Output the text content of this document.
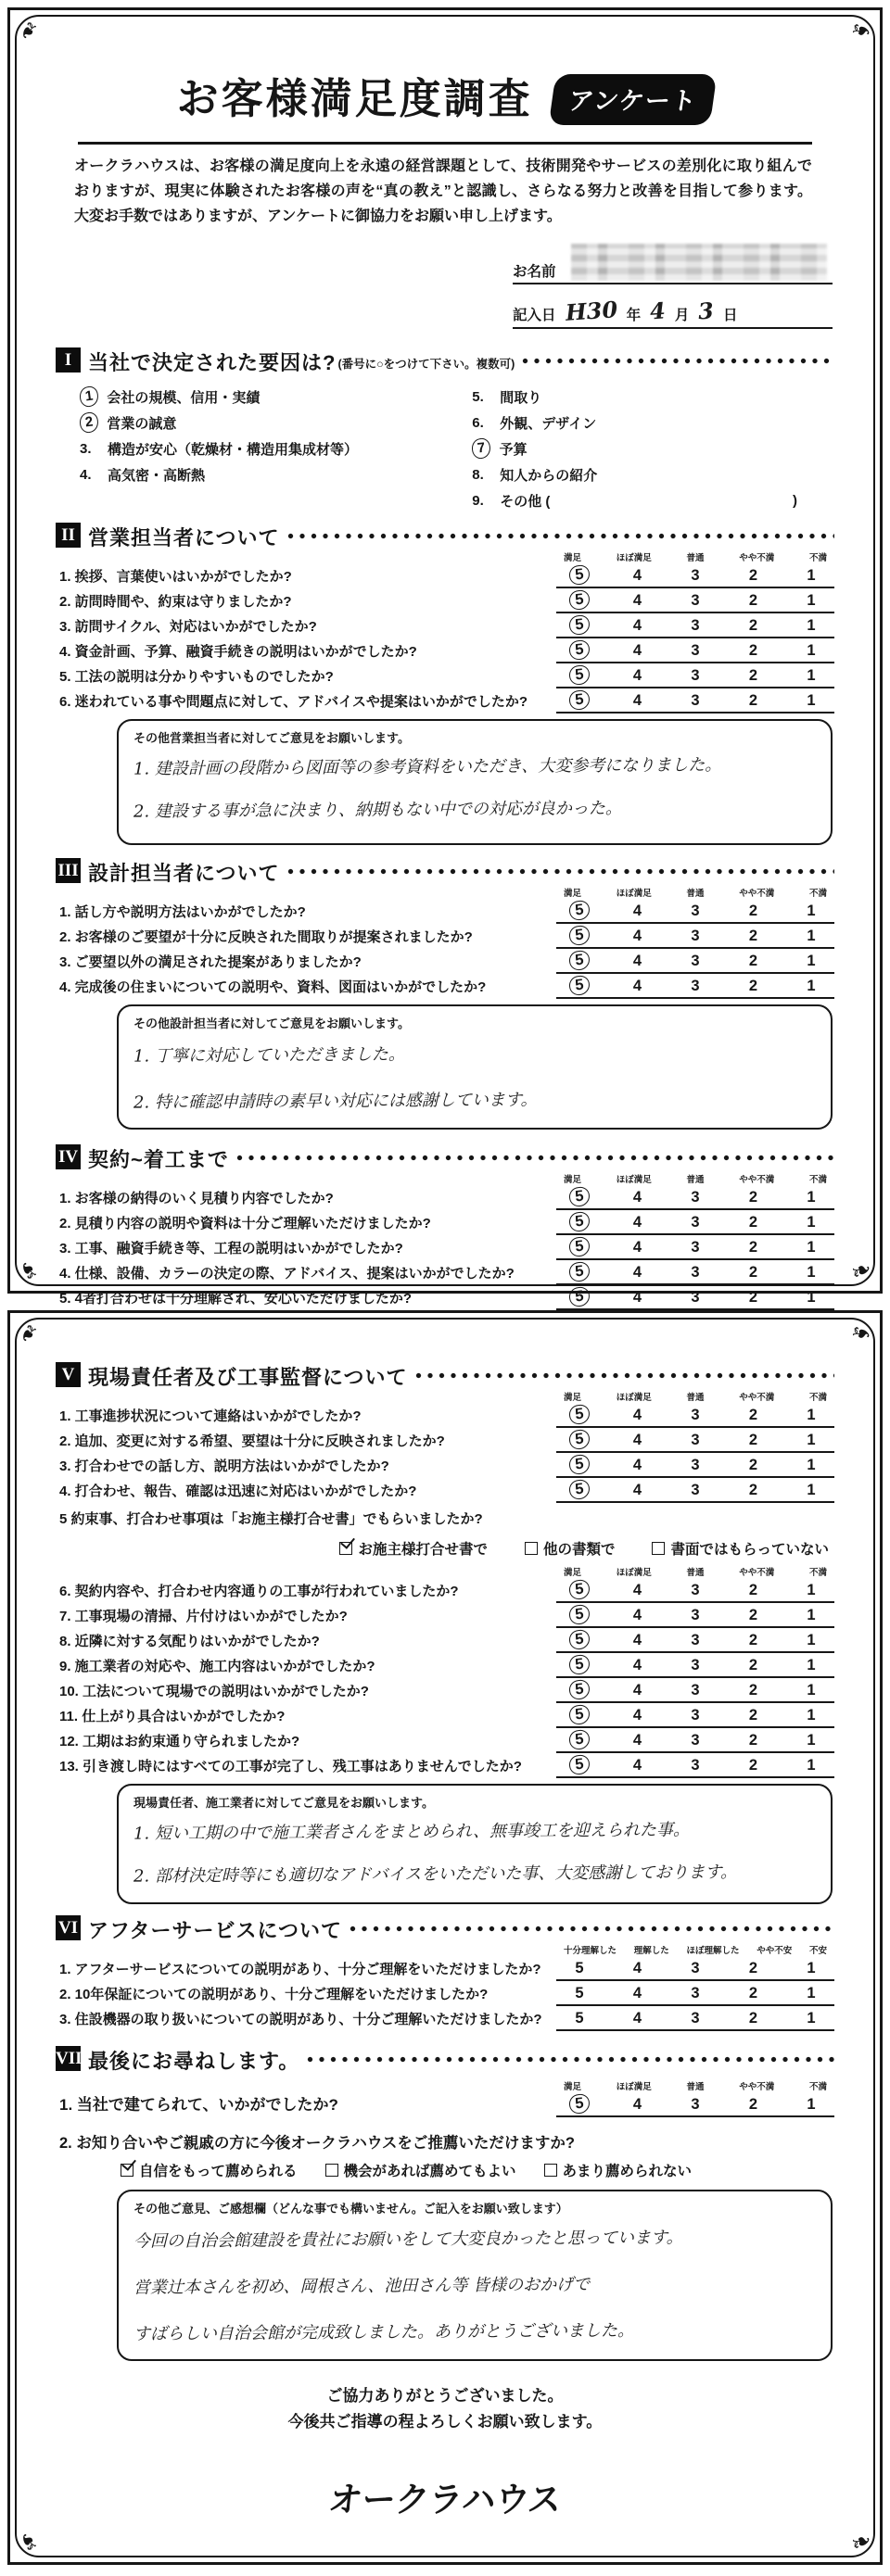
❧	❧
❧	❧
お客様満足度調査 アンケート

オークラハウスは、お客様の満足度向上を永遠の経営課題として、技術開発やサービスの差別化に取り組んでおりますが、現実に体験されたお客様の声を“真の教え”と認識し、さらなる努力と改善を目指して参ります。大変お手数ではありますが、アンケートに御協力をお願い申し上げます。

お名前
記入日 H30 年 4 月 3 日
I 当社で決定された要因は? (番号に○をつけて下さい。複数可)
1 会社の規模、信用・実績
2 営業の誠意
3.	構造が安心（乾燥材・構造用集成材等）
4.	高気密・高断熱
5.	間取り
6.	外観、デザイン
7 予算
8.	知人からの紹介
9.	その他 (	)
II 営業担当者について
満足	ほぼ満足	普通	やや不満	不満
1. 挨拶、言葉使いはいかがでしたか?	5	4	3	2	1
2. 訪問時間や、約束は守りましたか?	5	4	3	2	1
3. 訪問サイクル、対応はいかがでしたか?	5	4	3	2	1
4. 資金計画、予算、融資手続きの説明はいかがでしたか?	5	4	3	2	1
5. 工法の説明は分かりやすいものでしたか?	5	4	3	2	1
6. 迷われている事や問題点に対して、アドバイスや提案はいかがでしたか?	5	4	3	2	1
その他営業担当者に対してご意見をお願いします。
1. 建設計画の段階から図面等の参考資料をいただき、大変参考になりました。
2. 建設する事が急に決まり、納期もない中での対応が良かった。
III 設計担当者について
満足	ほぼ満足	普通	やや不満	不満
1. 話し方や説明方法はいかがでしたか?	5	4	3	2	1
2. お客様のご要望が十分に反映された間取りが提案されましたか?	5	4	3	2	1
3. ご要望以外の満足された提案がありましたか?	5	4	3	2	1
4. 完成後の住まいについての説明や、資料、図面はいかがでしたか?	5	4	3	2	1
その他設計担当者に対してご意見をお願いします。
1. 丁寧に対応していただきました。
2. 特に確認申請時の素早い対応には感謝しています。
IV 契約~着工まで
満足	ほぼ満足	普通	やや不満	不満
1. お客様の納得のいく見積り内容でしたか?	5	4	3	2	1
2. 見積り内容の説明や資料は十分ご理解いただけましたか?	5	4	3	2	1
3. 工事、融資手続き等、工程の説明はいかがでしたか?	5	4	3	2	1
4. 仕様、設備、カラーの決定の際、アドバイス、提案はいかがでしたか?	5	4	3	2	1
5. 4者打合わせは十分理解され、安心いただけましたか?	5	4	3	2	1
❧	❧
❧	❧
V 現場責任者及び工事監督について
満足	ほぼ満足	普通	やや不満	不満
1. 工事進捗状況について連絡はいかがでしたか?	5	4	3	2	1
2. 追加、変更に対する希望、要望は十分に反映されましたか?	5	4	3	2	1
3. 打合わせでの話し方、説明方法はいかがでしたか?	5	4	3	2	1
4. 打合わせ、報告、確認は迅速に対応はいかがでしたか?	5	4	3	2	1
5 約束事、打合わせ事項は「お施主様打合せ書」でもらいましたか?
お施主様打合せ書で	他の書類で	書面ではもらっていない
満足	ほぼ満足	普通	やや不満	不満
6. 契約内容や、打合わせ内容通りの工事が行われていましたか?	5	4	3	2	1
7. 工事現場の清掃、片付けはいかがでしたか?	5	4	3	2	1
8. 近隣に対する気配りはいかがでしたか?	5	4	3	2	1
9. 施工業者の対応や、施工内容はいかがでしたか?	5	4	3	2	1
10. 工法について現場での説明はいかがでしたか?	5	4	3	2	1
11. 仕上がり具合はいかがでしたか?	5	4	3	2	1
12. 工期はお約束通り守られましたか?	5	4	3	2	1
13. 引き渡し時にはすべての工事が完了し、残工事はありませんでしたか?	5	4	3	2	1
現場責任者、施工業者に対してご意見をお願いします。
1. 短い工期の中で施工業者さんをまとめられ、無事竣工を迎えられた事。
2. 部材決定時等にも適切なアドバイスをいただいた事、大変感謝しております。
VI アフターサービスについて
十分理解した 理解した ほぼ理解した やや不安 不安
1. アフターサービスについての説明があり、十分ご理解をいただけましたか?	5	4	3	2	1
2. 10年保証についての説明があり、十分ご理解をいただけましたか?	5	4	3	2	1
3. 住設機器の取り扱いについての説明があり、十分ご理解いただけましたか?	5	4	3	2	1
VII 最後にお尋ねします。
満足	ほぼ満足	普通	やや不満	不満
1. 当社で建てられて、いかがでしたか?	5	4	3	2	1
2. お知り合いやご親戚の方に今後オークラハウスをご推薦いただけますか?
自信をもって薦められる	機会があれば薦めてもよい	あまり薦められない
その他ご意見、ご感想欄（どんな事でも構いません。ご記入をお願い致します）
今回の自治会館建設を貴社にお願いをして大変良かったと思っています。
営業辻本さんを初め、岡根さん、池田さん等 皆様のおかげで
すばらしい自治会館が完成致しました。ありがとうございました。
ご協力ありがとうございました。
今後共ご指導の程よろしくお願い致します。
オークラハウス
